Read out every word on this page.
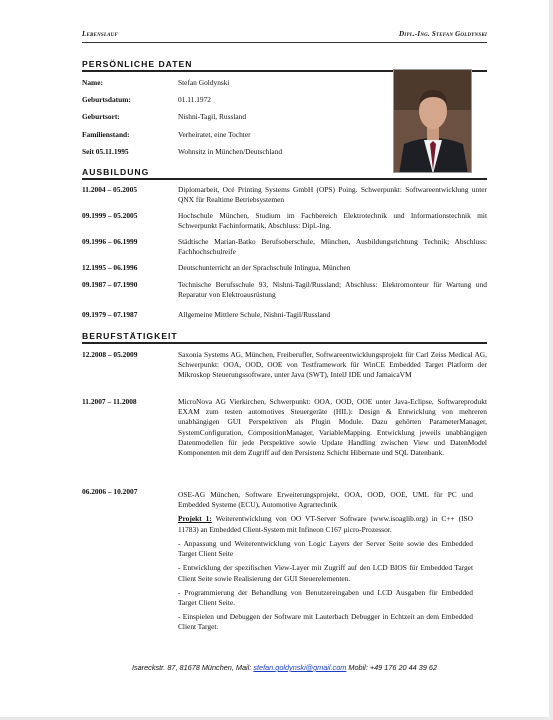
Lebenslauf	Dipl.-Ing. Stefan Goldynski
PERSÖNLICHE DATEN
Name:	Stefan Goldynski
Geburtsdatum:	01.11.1972
Geburtsort:	Nishni-Tagil, Russland
Familienstand:	Verheiratet, eine Tochter
Seit 05.11.1995	Wohnsitz in München/Deutschland
AUSBILDUNG
11.2004 – 05.2005	Diplomarbeit, Océ Printing Systems GmbH (OPS) Poing. Schwerpunkt: Softwareentwicklung unter QNX für Realtime Betriebsystemen
09.1999 – 05.2005	Hochschule München, Studium im Fachbereich Elektrotechnik und Informationstechnik mit Schwerpunkt Fachinformatik, Abschluss: Dipl.-Ing.
09.1996 – 06.1999	Städtische Marian-Batko Berufsoberschule, München, Ausbildungsrichtung Technik; Abschluss: Fachhochschulreife
12.1995 – 06.1996	Deutschunterricht an der Sprachschule Inlingua, München
09.1987 – 07.1990	Technische Berufsschule 93, Nishni-Tagil/Russland; Abschluss: Elektromonteur für Wartung und Reparatur von Elektroausrüstung
09.1979 – 07.1987	Allgemeine Mittlere Schule, Nishni-Tagil/Russland
BERUFSTÄTIGKEIT
12.2008 – 05.2009	Saxonia Systems AG, München, Freiberufler, Softwareentwicklungsprojekt für Carl Zeiss Medical AG, Schwerpunkt: OOA, OOD, OOE von Testframework für WinCE Embedded Target Platform der Mikroskop Steuerungssoftware, unter Java (SWT), IntelJ IDE und JamaicaVM
11.2007 – 11.2008	MicroNova AG Vierkirchen, Schwerpunkt: OOA, OOD, OOE unter Java-Eclipse, Softwareprodukt EXAM zum testen automotives Steuergeräte (HIL): Design & Entwicklung von mehreren unabhängigen GUI Perspektiven als Plugin Module. Dazu gehörten ParameterManager, SystemConfiguration, CompositionManager, VariableMapping. Entwicklung jeweils unabhängigen Datenmodellen für jede Perspektive sowie Update Handling zwischen View und DatenModel Komponenten mit dem Zugriff auf den Persistenz Schicht Hibernate und SQL Datenbank.
06.2006 – 10.2007	OSE-AG München, Software Erweiterungsprojekt, OOA, OOD, OOE, UML für PC und Embedded Systeme (ECU), Automotive Agrartechnik

Projekt 1: Weiterentwicklung von OO VT-Server Software (www.isoaglib.org) in C++ (ISO 11783) an Embedded Client-System mit Infineon C167 µicro-Prozessor.

- Anpassung und Weiterentwicklung von Logic Layers der Server Seite sowie des Embedded Target Client Seite

- Entwicklung der spezifischen View-Layer mit Zugriff auf den LCD BIOS für Embedded Target Client Seite sowie Realisierung der GUI Steuerelementen.

- Programmierung der Behandlung von Benutzereingaben und LCD Ausgaben für Embedded Target Client Seite.

- Einspielen und Debuggen der Software mit Lauterbach Debugger in Echtzeit an dem Embedded Client Target.

Isareckstr. 87, 81678 München, Mail: stefan.goldynski@gmail.com Mobil: +49 176 20 44 39 62
